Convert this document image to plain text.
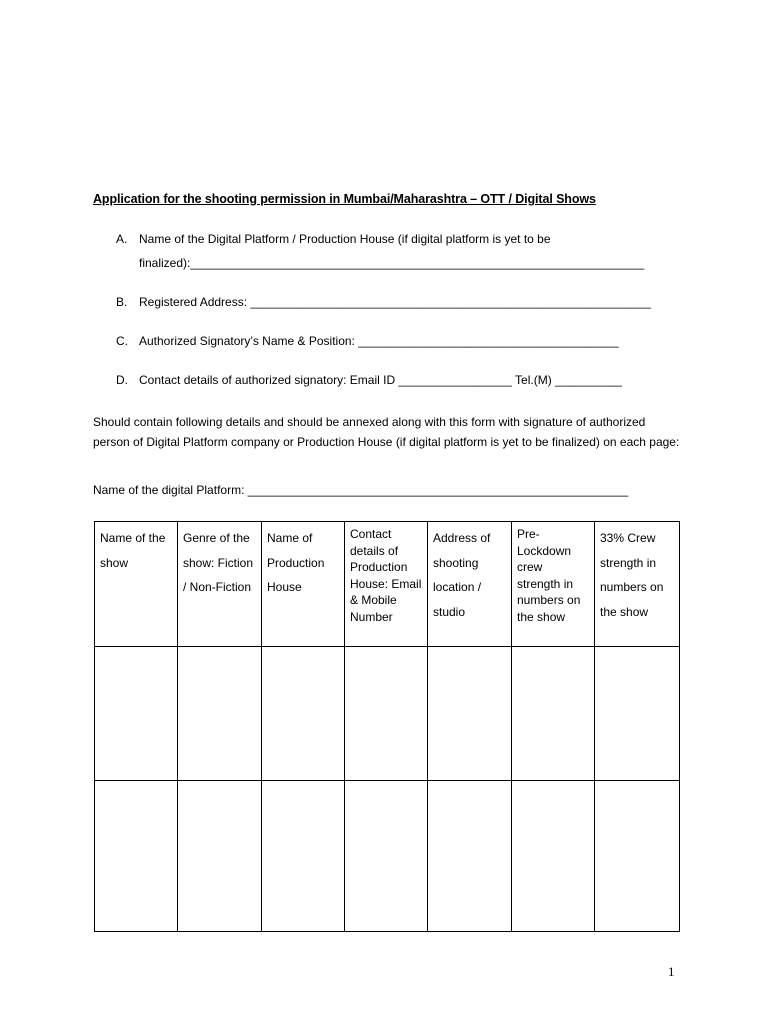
Application for the shooting permission in Mumbai/Maharashtra – OTT / Digital Shows
A. Name of the Digital Platform / Production House (if digital platform is yet to be
finalized):____________________________________________________________________
B. Registered Address: ____________________________________________________________
C. Authorized Signatory’s Name & Position: _______________________________________
D. Contact details of authorized signatory: Email ID _________________ Tel.(M) __________
Should contain following details and should be annexed along with this form with signature of authorized person of Digital Platform company or Production House (if digital platform is yet to be finalized) on each page:
Name of the digital Platform: _________________________________________________________
Name of the show	Genre of the show: Fiction / Non-Fiction	Name of Production House	Contact details of Production House: Email & Mobile Number	Address of shooting location / studio	Pre-Lockdown crew strength in numbers on the show	33% Crew strength in numbers on the show

1
